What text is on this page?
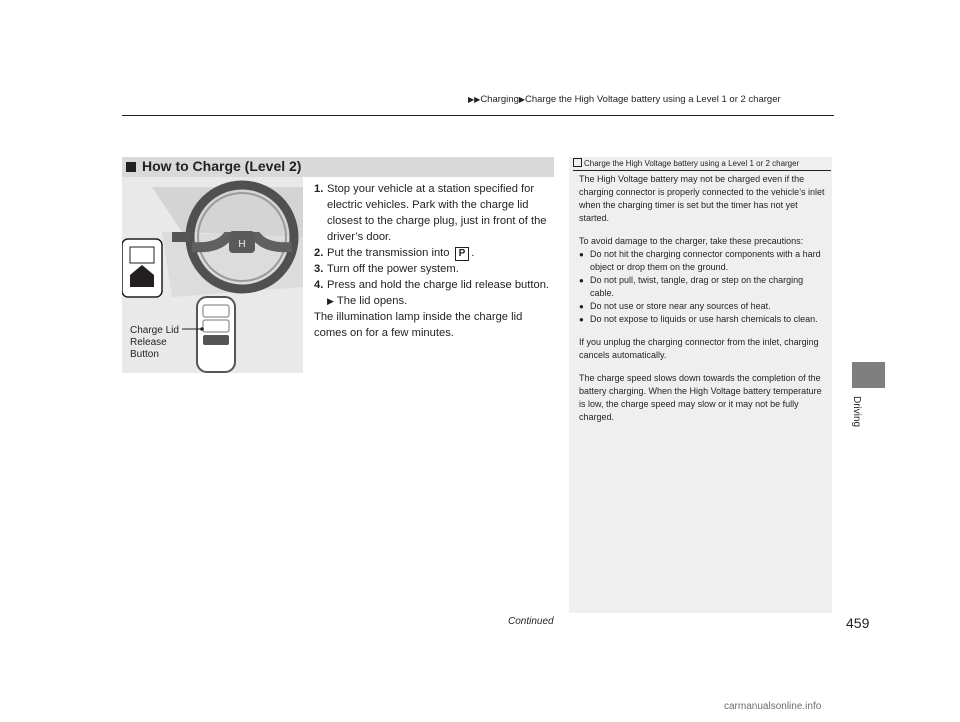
▶▶Charging▶Charge the High Voltage battery using a Level 1 or 2 charger
Driving
How to Charge (Level 2)
H
Charge Lid
Release
Button
1. Stop your vehicle at a station specified for electric vehicles. Park with the charge lid closest to the charge plug, just in front of the driver’s door.
2. Put the transmission into P .
3. Turn off the power system.
4. Press and hold the charge lid release button.
▶ The lid opens.
The illumination lamp inside the charge lid comes on for a few minutes.
Charge the High Voltage battery using a Level 1 or 2 charger

The High Voltage battery may not be charged even if the charging connector is properly connected to the vehicle’s inlet when the charging timer is set but the timer has not yet started.

To avoid damage to the charger, take these precautions:

● Do not hit the charging connector components with a hard object or drop them on the ground.
● Do not pull, twist, tangle, drag or step on the charging cable.
● Do not use or store near any sources of heat.
● Do not expose to liquids or use harsh chemicals to clean.

If you unplug the charging connector from the inlet, charging cancels automatically.

The charge speed slows down towards the completion of the battery charging. When the High Voltage battery temperature is low, the charge speed may slow or it may not be fully charged.

Continued	459
carmanualsonline.info
